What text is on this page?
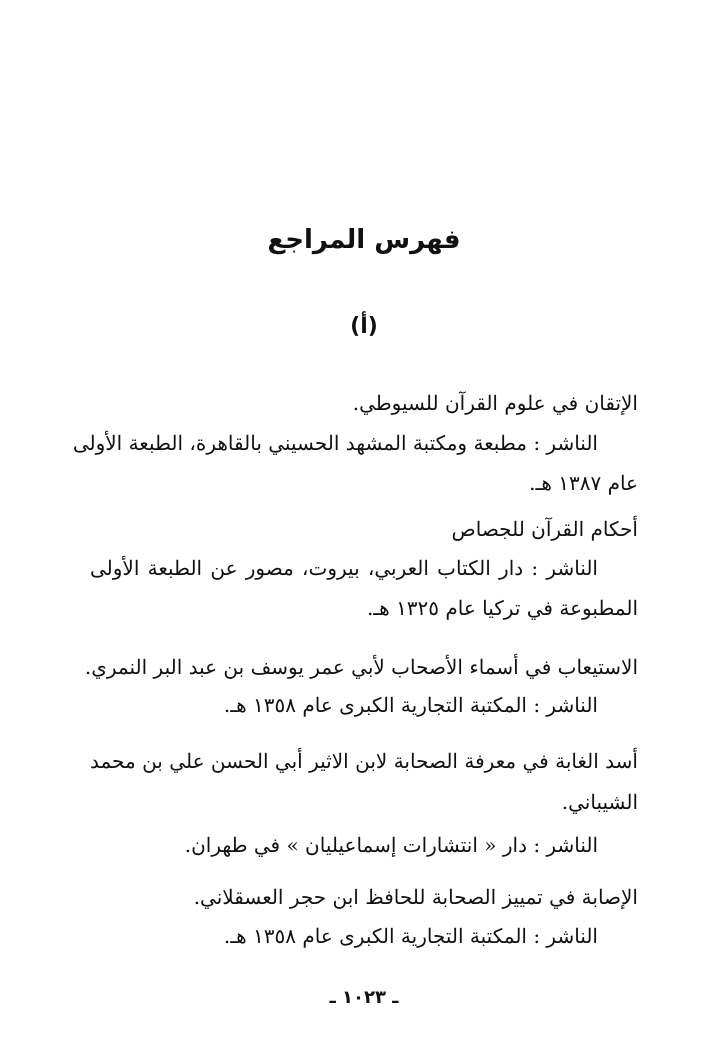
فهرس المراجع
(أ)
الإتقان في علوم القرآن للسيوطي.
الناشر : مطبعة ومكتبة المشهد الحسيني بالقاهرة، الطبعة الأولى
عام ١٣٨٧ هـ.
أحكام القرآن للجصاص
الناشر : دار الكتاب العربي، بيروت، مصور عن الطبعة الأولى
المطبوعة في تركيا عام ١٣٢٥ هـ.
الاستيعاب في أسماء الأصحاب لأبي عمر يوسف بن عبد البر النمري.
الناشر : المكتبة التجارية الكبرى عام ١٣٥٨ هـ.
أسد الغابة في معرفة الصحابة لابن الاثير أبي الحسن علي بن محمد
الشيباني.
الناشر : دار « انتشارات إسماعيليان » في طهران.
الإصابة في تمييز الصحابة للحافظ ابن حجر العسقلاني.
الناشر : المكتبة التجارية الكبرى عام ١٣٥٨ هـ.
ـ ١٠٢٣ ـ
